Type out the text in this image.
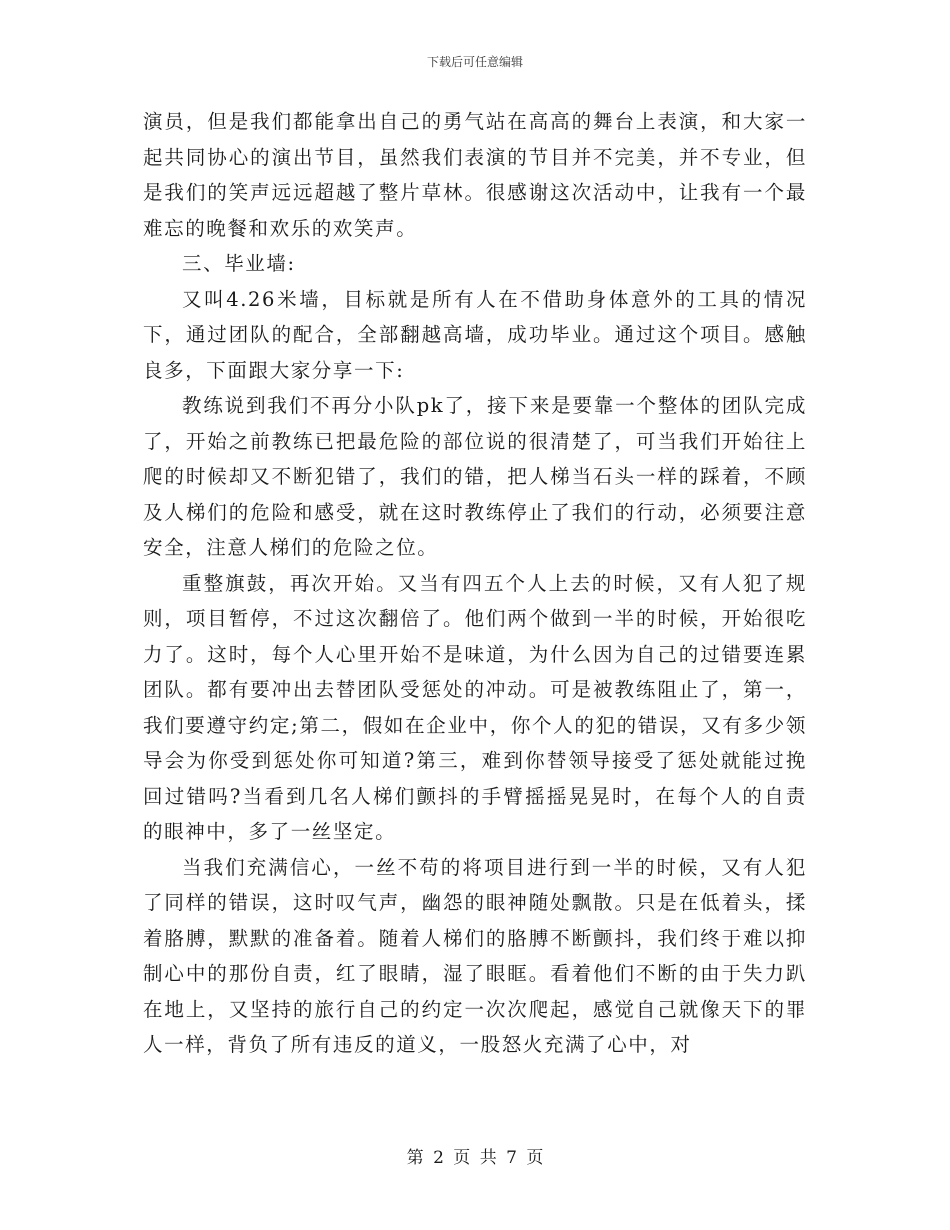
下载后可任意编辑

演员，但是我们都能拿出自己的勇气站在高高的舞台上表演，和大家一起共同协心的演出节目，虽然我们表演的节目并不完美，并不专业，但是我们的笑声远远超越了整片草林。很感谢这次活动中，让我有一个最难忘的晚餐和欢乐的欢笑声。

三、毕业墙:

又叫4.26米墙，目标就是所有人在不借助身体意外的工具的情况下，通过团队的配合，全部翻越高墙，成功毕业。通过这个项目。感触良多，下面跟大家分享一下:

教练说到我们不再分小队pk了，接下来是要靠一个整体的团队完成了，开始之前教练已把最危险的部位说的很清楚了，可当我们开始往上爬的时候却又不断犯错了，我们的错，把人梯当石头一样的踩着，不顾及人梯们的危险和感受，就在这时教练停止了我们的行动，必须要注意安全，注意人梯们的危险之位。

重整旗鼓，再次开始。又当有四五个人上去的时候，又有人犯了规则，项目暂停，不过这次翻倍了。他们两个做到一半的时候，开始很吃力了。这时，每个人心里开始不是味道，为什么因为自己的过错要连累团队。都有要冲出去替团队受惩处的冲动。可是被教练阻止了，第一，我们要遵守约定;第二，假如在企业中，你个人的犯的错误，又有多少领导会为你受到惩处你可知道?第三，难到你替领导接受了惩处就能过挽回过错吗?当看到几名人梯们颤抖的手臂摇摇晃晃时，在每个人的自责的眼神中，多了一丝坚定。

当我们充满信心，一丝不苟的将项目进行到一半的时候，又有人犯了同样的错误，这时叹气声，幽怨的眼神随处飘散。只是在低着头，揉着胳膊，默默的准备着。随着人梯们的胳膊不断颤抖，我们终于难以抑制心中的那份自责，红了眼睛，湿了眼眶。看着他们不断的由于失力趴在地上，又坚持的旅行自己的约定一次次爬起，感觉自己就像天下的罪人一样，背负了所有违反的道义，一股怒火充满了心中，对

第 2 页 共 7 页
